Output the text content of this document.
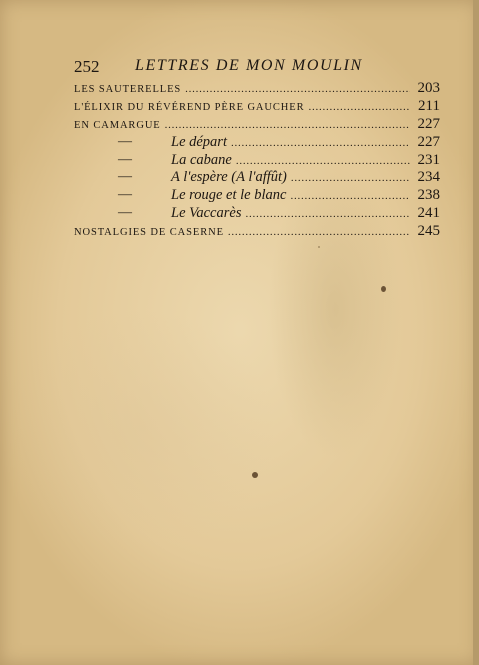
252 LETTRES DE MON MOULIN
LES SAUTERELLES . . .	203
L'ÉLIXIR DU RÉVÉREND PÈRE GAUCHER . . .	211
EN CAMARGUE . . .	227
—	Le départ . . .	227
—	La cabane . . .	231
—	A l'espère (A l'affût) . . .	234
—	Le rouge et le blanc . . .	238
—	Le Vaccarès . . .	241
NOSTALGIES DE CASERNE . . .	245
